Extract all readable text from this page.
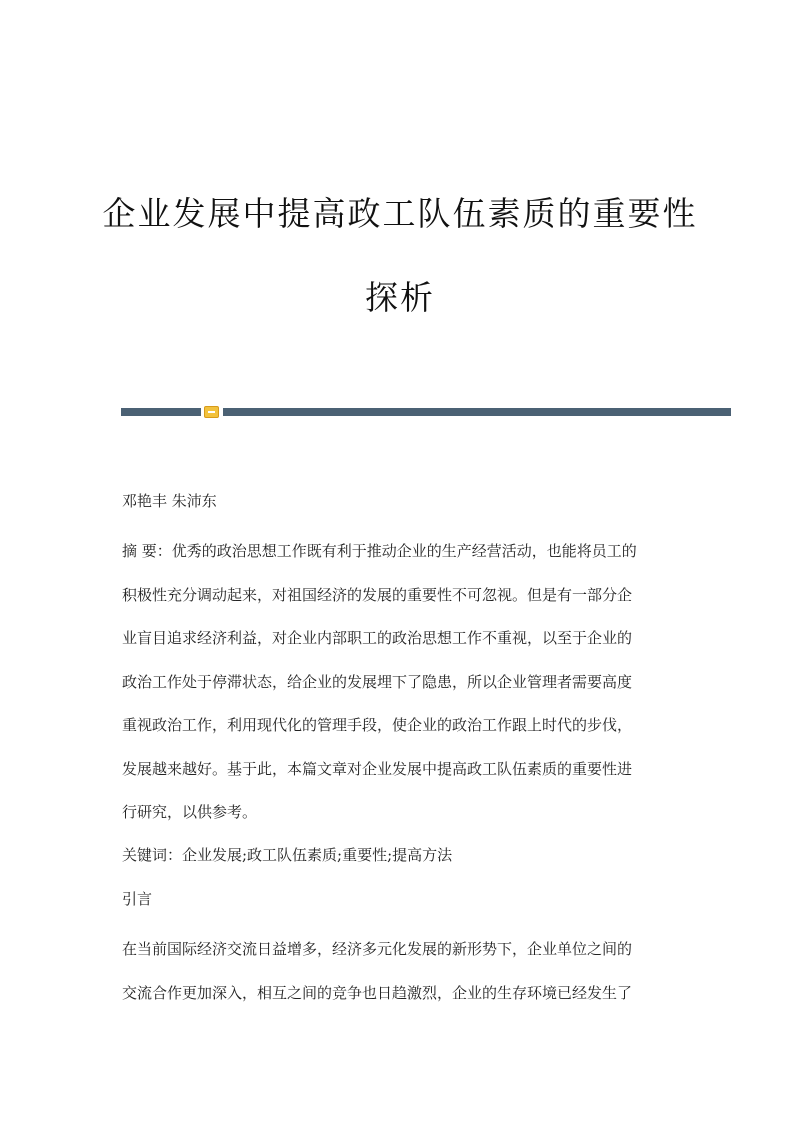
企业发展中提高政工队伍素质的重要性
探析
邓艳丰 朱沛东
摘 要：优秀的政治思想工作既有利于推动企业的生产经营活动，也能将员工的
积极性充分调动起来，对祖国经济的发展的重要性不可忽视。但是有一部分企
业盲目追求经济利益，对企业内部职工的政治思想工作不重视，以至于企业的
政治工作处于停滞状态，给企业的发展埋下了隐患，所以企业管理者需要高度
重视政治工作，利用现代化的管理手段，使企业的政治工作跟上时代的步伐，
发展越来越好。基于此，本篇文章对企业发展中提高政工队伍素质的重要性进
行研究，以供参考。
关键词：企业发展;政工队伍素质;重要性;提高方法
引言
在当前国际经济交流日益增多，经济多元化发展的新形势下，企业单位之间的
交流合作更加深入，相互之间的竞争也日趋激烈，企业的生存环境已经发生了
